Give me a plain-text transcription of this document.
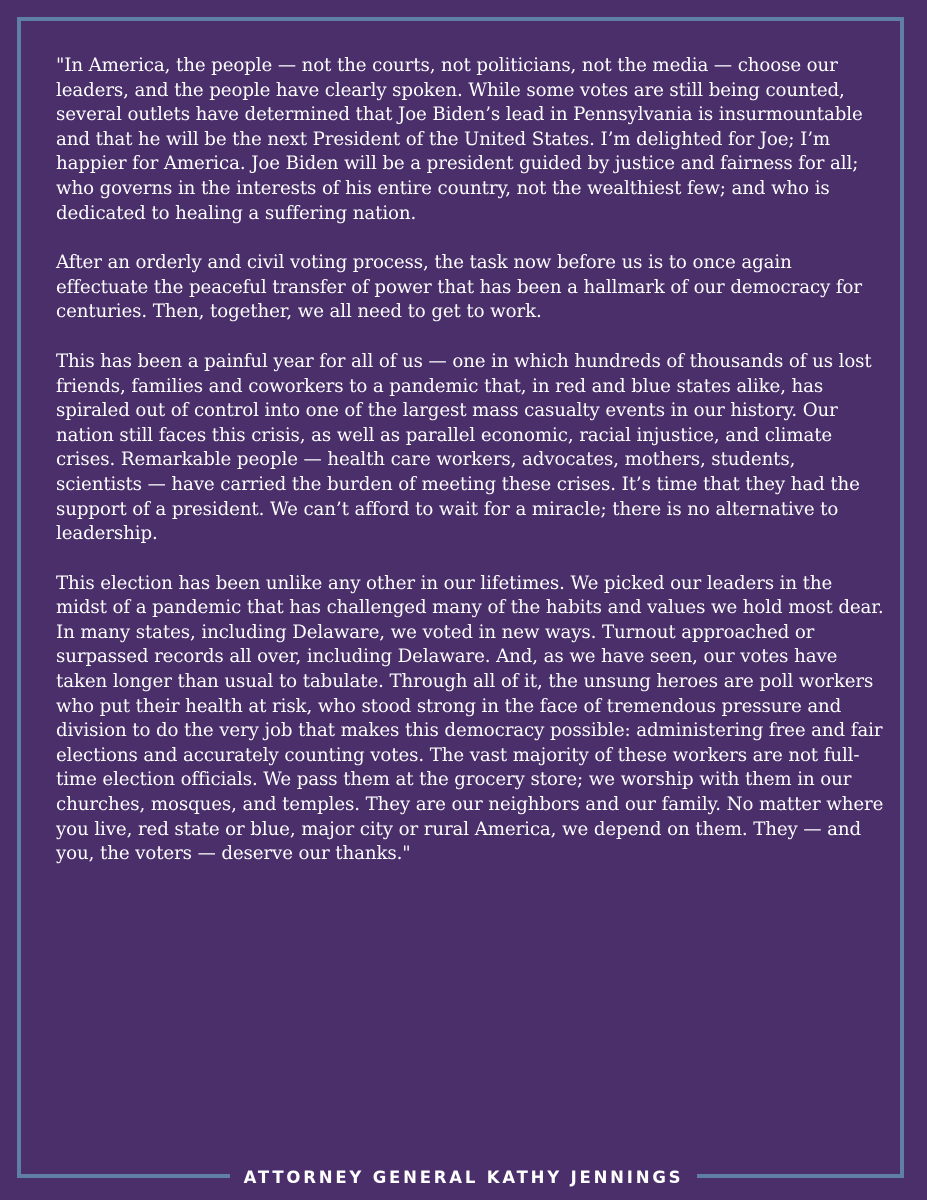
"In America, the people — not the courts, not politicians, not the media — choose our leaders, and the people have clearly spoken. While some votes are still being counted, several outlets have determined that Joe Biden’s lead in Pennsylvania is insurmountable and that he will be the next President of the United States. I’m delighted for Joe; I’m happier for America. Joe Biden will be a president guided by justice and fairness for all; who governs in the interests of his entire country, not the wealthiest few; and who is dedicated to healing a suffering nation.

After an orderly and civil voting process, the task now before us is to once again effectuate the peaceful transfer of power that has been a hallmark of our democracy for centuries. Then, together, we all need to get to work.

This has been a painful year for all of us — one in which hundreds of thousands of us lost friends, families and coworkers to a pandemic that, in red and blue states alike, has spiraled out of control into one of the largest mass casualty events in our history. Our nation still faces this crisis, as well as parallel economic, racial injustice, and climate crises. Remarkable people — health care workers, advocates, mothers, students, scientists — have carried the burden of meeting these crises. It’s time that they had the support of a president. We can’t afford to wait for a miracle; there is no alternative to leadership.

This election has been unlike any other in our lifetimes. We picked our leaders in the midst of a pandemic that has challenged many of the habits and values we hold most dear. In many states, including Delaware, we voted in new ways. Turnout approached or surpassed records all over, including Delaware. And, as we have seen, our votes have taken longer than usual to tabulate. Through all of it, the unsung heroes are poll workers who put their health at risk, who stood strong in the face of tremendous pressure and division to do the very job that makes this democracy possible: administering free and fair elections and accurately counting votes. The vast majority of these workers are not full-time election officials. We pass them at the grocery store; we worship with them in our churches, mosques, and temples. They are our neighbors and our family. No matter where you live, red state or blue, major city or rural America, we depend on them. They — and you, the voters — deserve our thanks."

ATTORNEY GENERAL KATHY JENNINGS
